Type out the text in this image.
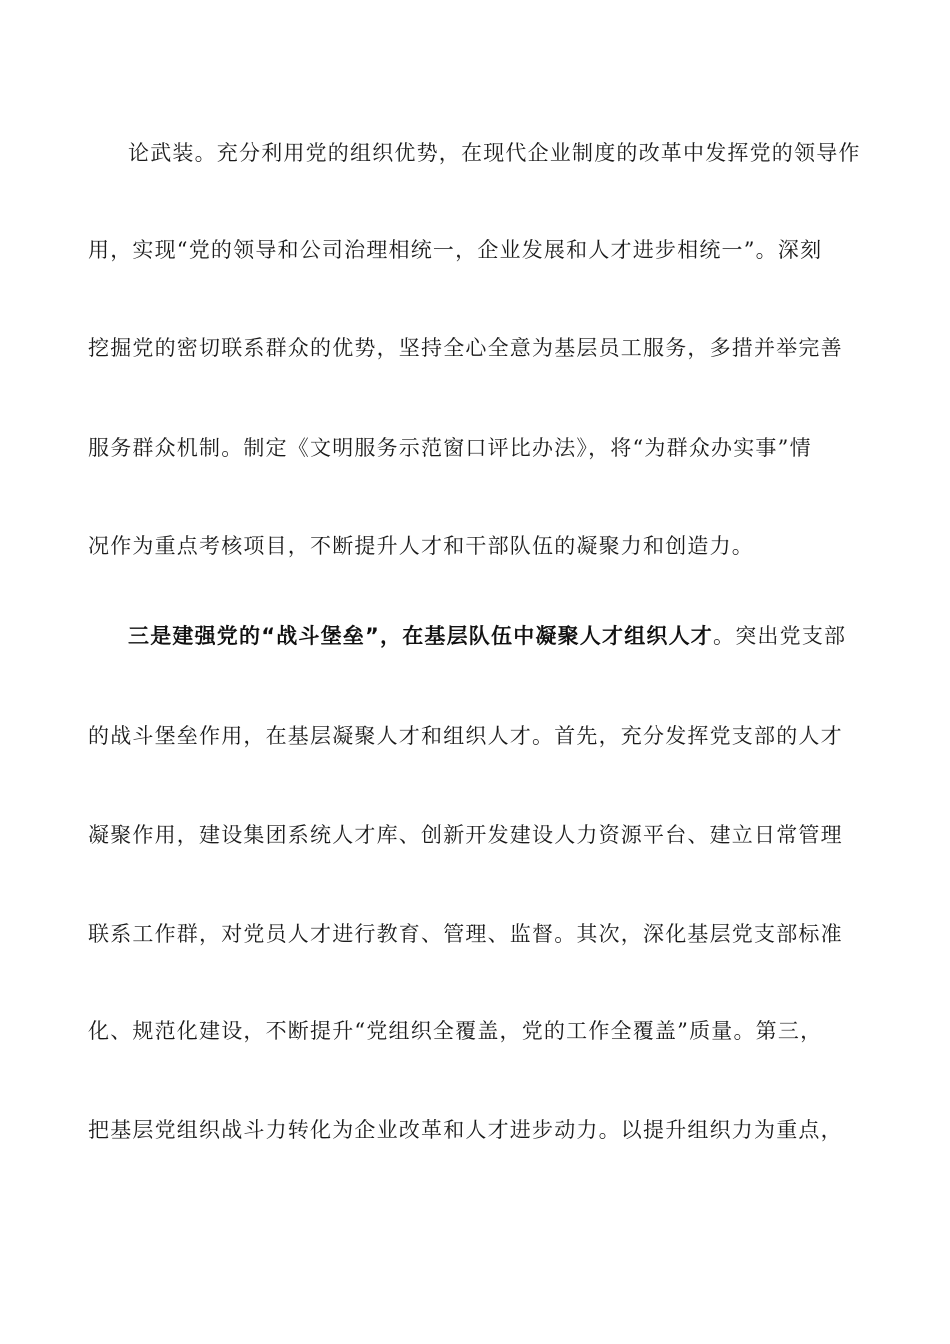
论武装。充分利用党的组织优势，在现代企业制度的改革中发挥党的领导作
用，实现“党的领导和公司治理相统一，企业发展和人才进步相统一”。深刻
挖掘党的密切联系群众的优势，坚持全心全意为基层员工服务，多措并举完善
服务群众机制。制定《文明服务示范窗口评比办法》，将“为群众办实事”情
况作为重点考核项目，不断提升人才和干部队伍的凝聚力和创造力。
三是建强党的“战斗堡垒”，在基层队伍中凝聚人才组织人才。突出党支部
的战斗堡垒作用，在基层凝聚人才和组织人才。首先，充分发挥党支部的人才
凝聚作用，建设集团系统人才库、创新开发建设人力资源平台、建立日常管理
联系工作群，对党员人才进行教育、管理、监督。其次，深化基层党支部标准
化、规范化建设，不断提升“党组织全覆盖，党的工作全覆盖”质量。第三，
把基层党组织战斗力转化为企业改革和人才进步动力。以提升组织力为重点，
